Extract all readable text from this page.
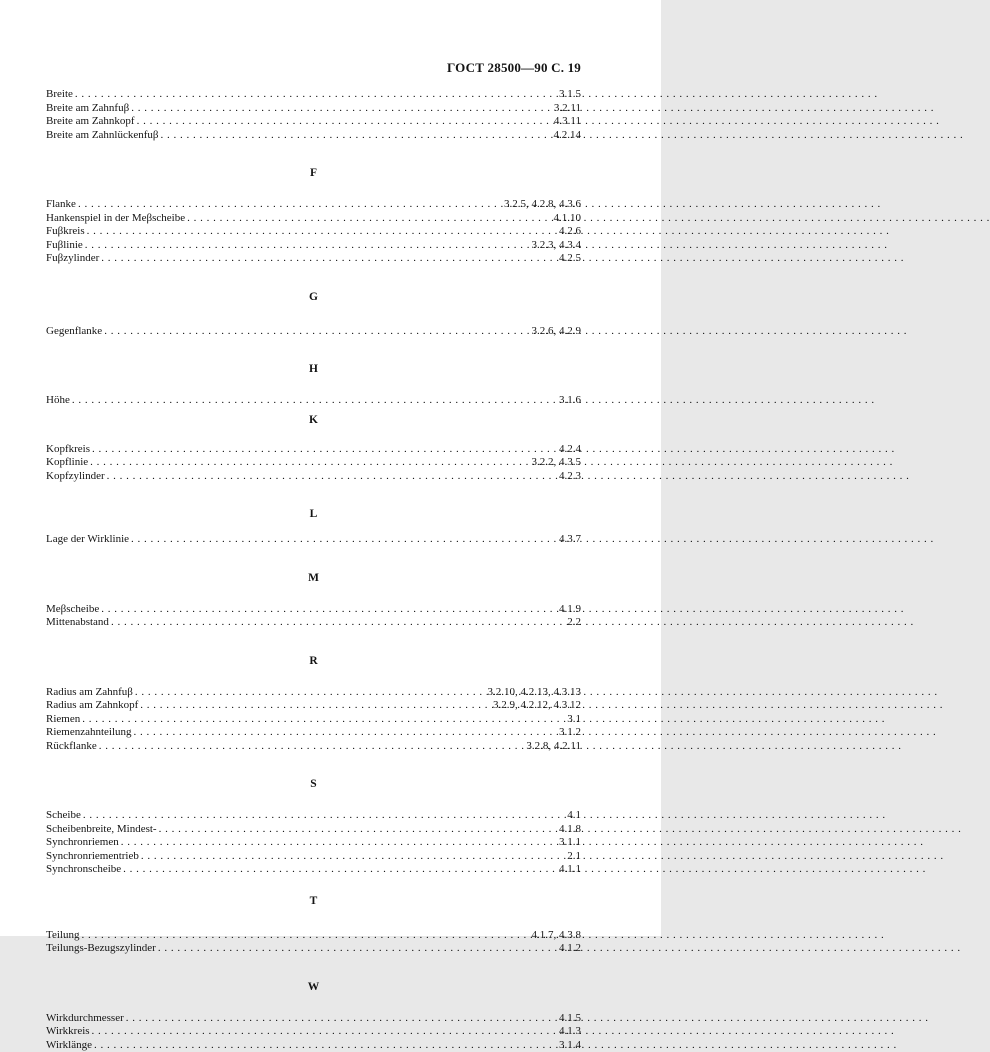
ГОСТ 28500—90 С. 19
Breite . . .	3.1.5
Breite am Zahnfuβ . . .	3.2.11
Breite am Zahnkopf . . .	4.3.11
Breite am Zahnlückenfuβ . . .	4.2.14
F
Flanke . . .	3.2.5, 4.2.8, 4.3.6
Hankenspiel in der Meβscheibe . . .	4.1.10
Fuβkreis . . .	4.2.6
Fuβlinie . . .	3.2.3, 4.3.4
Fuβzylinder . . .	4.2.5
G
Gegenflanke . . .	3.2.6, 4.2.9
H
Höhe . . .	3.1.6
K
Kopfkreis . . .	4.2.4
Kopflinie . . .	3.2.2, 4.3.5
Kopfzylinder . . .	4.2.3
L
Lage der Wirklinie . . .	4.3.7
M
Meβscheibe . . .	4.1.9
Mittenabstand . . .	2.2
R
Radius am Zahnfuβ . . .	3.2.10, 4.2.13, 4.3.13
Radius am Zahnkopf . . .	3.2.9, 4.2.12, 4.3.12
Riemen . . .	3.1
Riemenzahnteilung . . .	3.1.2
Rückflanke . . .	3.2.8, 4.2.11
S
Scheibe . . .	4.1
Scheibenbreite, Mindest- . . .	4.1.8
Synchronriemen . . .	3.1.1
Synchronriementrieb . . .	2.1
Synchronscheibe . . .	4.1.1
T
Teilung . . .	4.1.7, 4.3.8
Teilungs-Bezugszylinder . . .	4.1.2
W
Wirkdurchmesser . . .	4.1.5
Wirkkreis . . .	4.1.3
Wirklänge . . .	3.1.4
